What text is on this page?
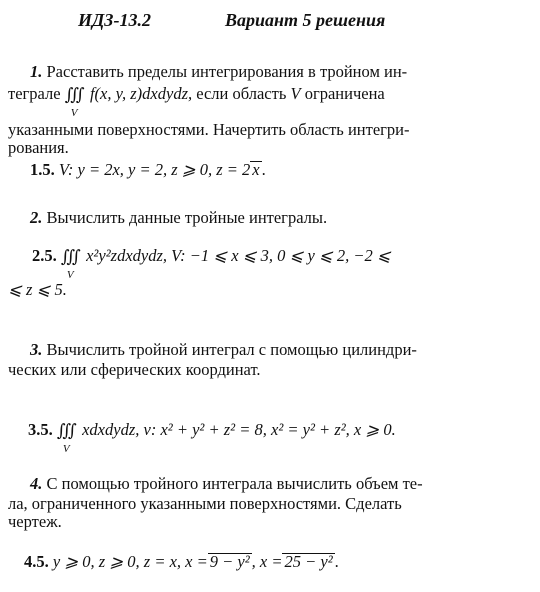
ИДЗ-13.2	Вариант 5 решения
1. Расставить пределы интегрирования в тройном ин-
теграле ∭
V
f(x, y, z)dxdydz, если область V ограничена
указанными поверхностями. Начертить область интегри-
рования.
1.5. V: y = 2x, y = 2, z ⩾ 0, z = 2 x .
2. Вычислить данные тройные интегралы.
2.5. ∭
V
x²y²zdxdydz, V: −1 ⩽ x ⩽ 3, 0 ⩽ y ⩽ 2, −2 ⩽
⩽ z ⩽ 5.
3. Вычислить тройной интеграл с помощью цилиндри-
ческих или сферических координат.
3.5. ∭
V
xdxdydz, v: x² + y² + z² = 8, x² = y² + z², x ⩾ 0.
4. С помощью тройного интеграла вычислить объем те-
ла, ограниченного указанными поверхностями. Сделать
чертеж.
4.5. y ⩾ 0, z ⩾ 0, z = x, x = 9 − y² , x = 25 − y² .
